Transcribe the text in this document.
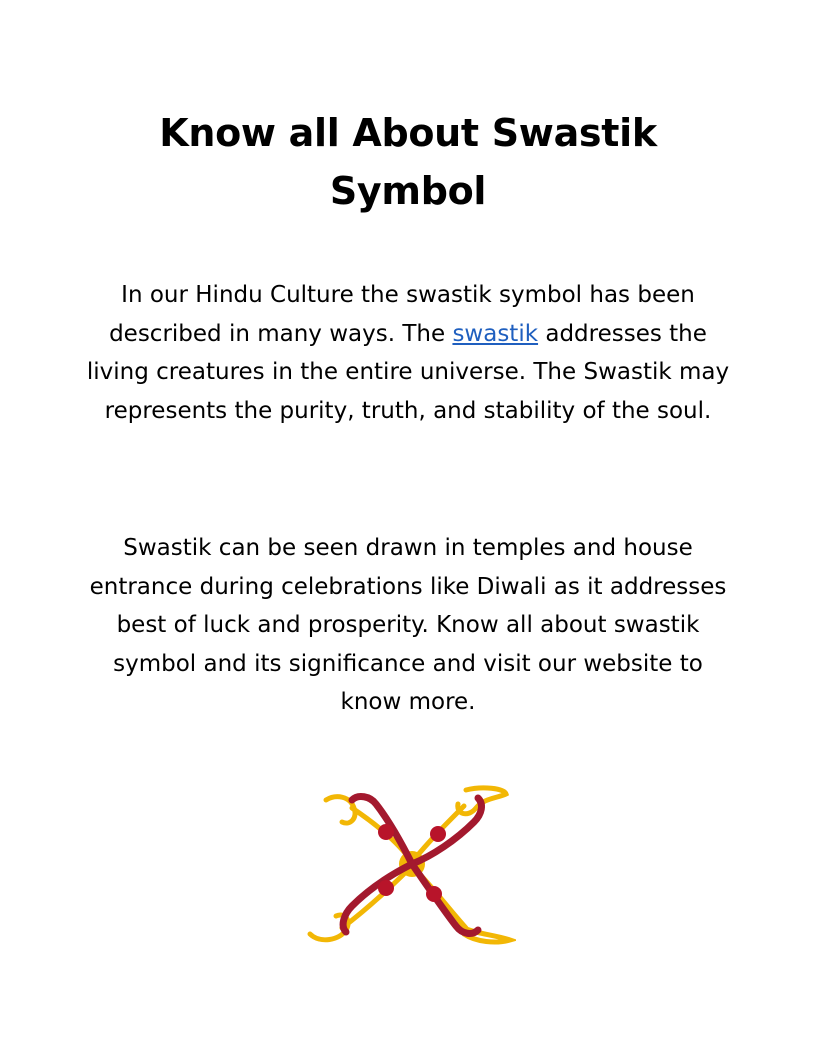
Know all About Swastik Symbol

In our Hindu Culture the swastik symbol has been described in many ways. The swastik addresses the living creatures in the entire universe. The Swastik may represents the purity, truth, and stability of the soul.

Swastik can be seen drawn in temples and house entrance during celebrations like Diwali as it addresses best of luck and prosperity. Know all about swastik symbol and its significance and visit our website to know more.
